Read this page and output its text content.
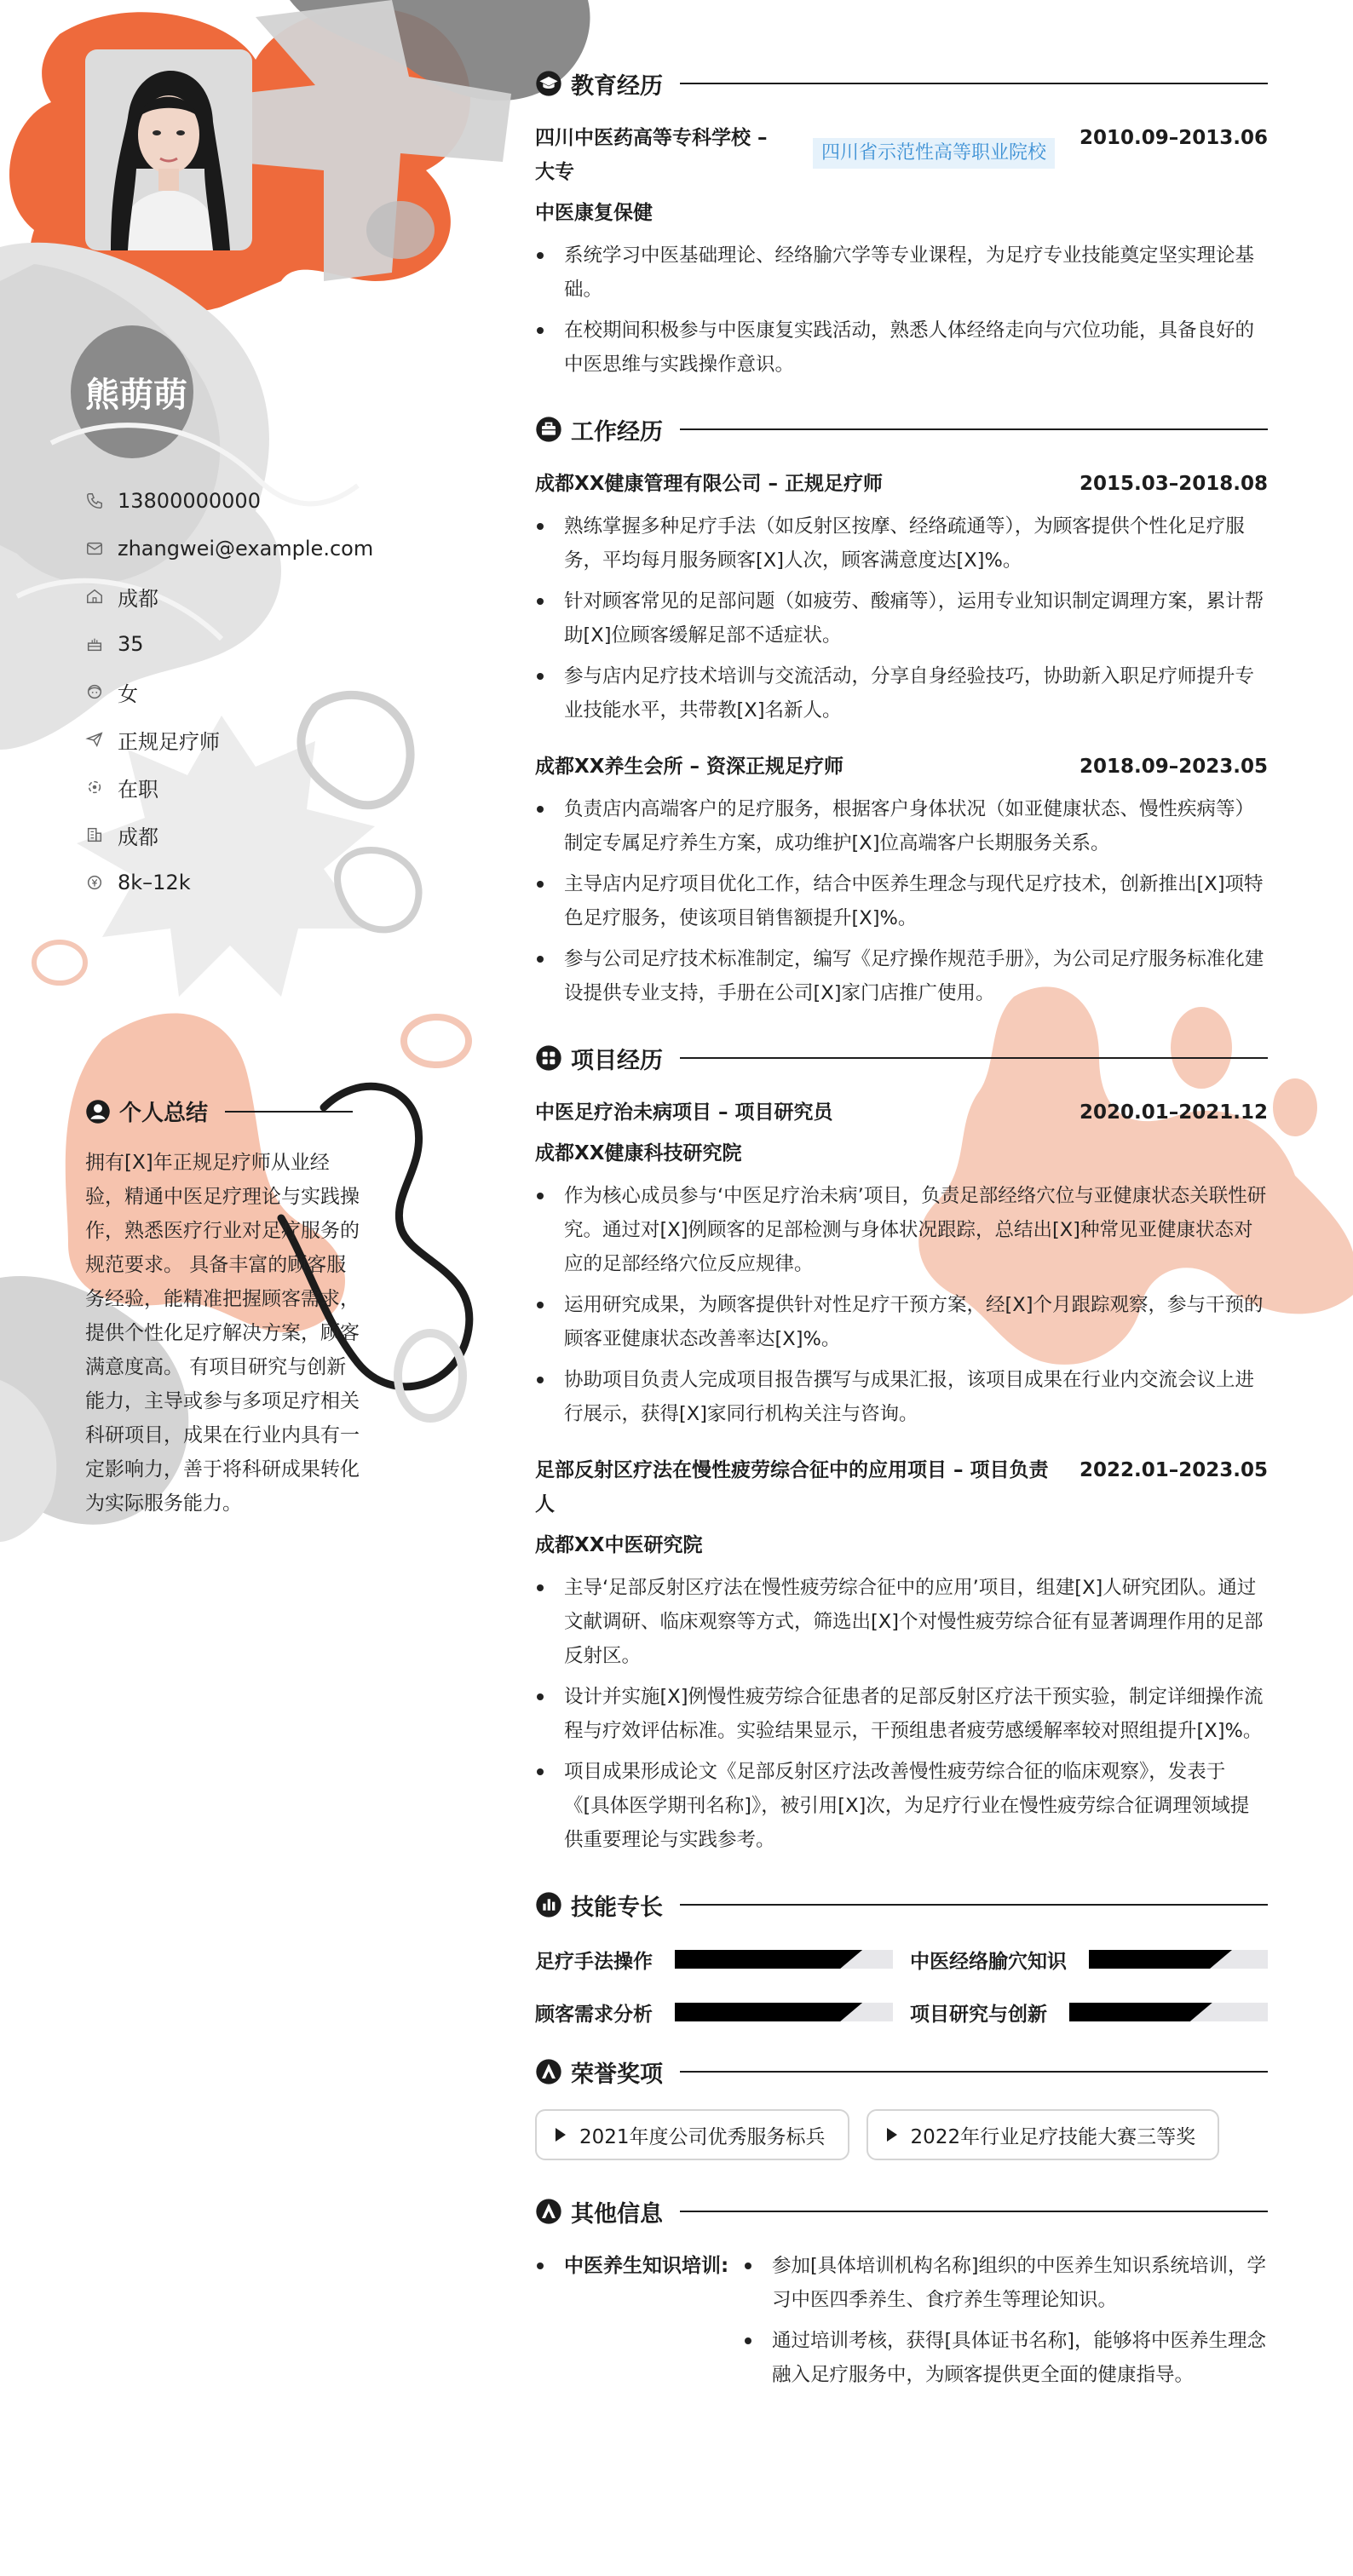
熊萌萌
13800000000
zhangwei@example.com
成都
35
女
正规足疗师
在职
成都
8k–12k
个人总结

拥有[X]年正规足疗师从业经验，精通中医足疗理论与实践操作，熟悉医疗行业对足疗服务的规范要求。 具备丰富的顾客服务经验，能精准把握顾客需求，提供个性化足疗解决方案，顾客满意度高。 有项目研究与创新能力，主导或参与多项足疗相关科研项目，成果在行业内具有一定影响力，善于将科研成果转化为实际服务能力。

教育经历
四川中医药高等专科学校 – 大专
四川省示范性高等职业院校
2010.09–2013.06
中医康复保健
系统学习中医基础理论、经络腧穴学等专业课程，为足疗专业技能奠定坚实理论基础。
在校期间积极参与中医康复实践活动，熟悉人体经络走向与穴位功能，具备良好的中医思维与实践操作意识。
工作经历
成都XX健康管理有限公司 – 正规足疗师	2015.03–2018.08
熟练掌握多种足疗手法（如反射区按摩、经络疏通等），为顾客提供个性化足疗服务，平均每月服务顾客[X]人次，顾客满意度达[X]%。
针对顾客常见的足部问题（如疲劳、酸痛等），运用专业知识制定调理方案，累计帮助[X]位顾客缓解足部不适症状。
参与店内足疗技术培训与交流活动，分享自身经验技巧，协助新入职足疗师提升专业技能水平，共带教[X]名新人。
成都XX养生会所 – 资深正规足疗师	2018.09–2023.05
负责店内高端客户的足疗服务，根据客户身体状况（如亚健康状态、慢性疾病等）制定专属足疗养生方案，成功维护[X]位高端客户长期服务关系。
主导店内足疗项目优化工作，结合中医养生理念与现代足疗技术，创新推出[X]项特色足疗服务，使该项目销售额提升[X]%。
参与公司足疗技术标准制定，编写《足疗操作规范手册》，为公司足疗服务标准化建设提供专业支持，手册在公司[X]家门店推广使用。
项目经历
中医足疗治未病项目 – 项目研究员	2020.01–2021.12
成都XX健康科技研究院
作为核心成员参与‘中医足疗治未病’项目，负责足部经络穴位与亚健康状态关联性研究。通过对[X]例顾客的足部检测与身体状况跟踪，总结出[X]种常见亚健康状态对应的足部经络穴位反应规律。
运用研究成果，为顾客提供针对性足疗干预方案，经[X]个月跟踪观察，参与干预的顾客亚健康状态改善率达[X]%。
协助项目负责人完成项目报告撰写与成果汇报，该项目成果在行业内交流会议上进行展示，获得[X]家同行机构关注与咨询。
足部反射区疗法在慢性疲劳综合征中的应用项目 – 项目负责人
2022.01–2023.05
成都XX中医研究院
主导‘足部反射区疗法在慢性疲劳综合征中的应用’项目，组建[X]人研究团队。通过文献调研、临床观察等方式，筛选出[X]个对慢性疲劳综合征有显著调理作用的足部反射区。
设计并实施[X]例慢性疲劳综合征患者的足部反射区疗法干预实验，制定详细操作流程与疗效评估标准。实验结果显示，干预组患者疲劳感缓解率较对照组提升[X]%。
项目成果形成论文《足部反射区疗法改善慢性疲劳综合征的临床观察》，发表于《[具体医学期刊名称]》，被引用[X]次，为足疗行业在慢性疲劳综合征调理领域提供重要理论与实践参考。
技能专长
足疗手法操作	中医经络腧穴知识
顾客需求分析	项目研究与创新
荣誉奖项
2021年度公司优秀服务标兵	2022年行业足疗技能大赛三等奖
其他信息
中医养生知识培训:	参加[具体培训机构名称]组织的中医养生知识系统培训，学习中医四季养生、食疗养生等理论知识。
通过培训考核，获得[具体证书名称]，能够将中医养生理念融入足疗服务中，为顾客提供更全面的健康指导。
